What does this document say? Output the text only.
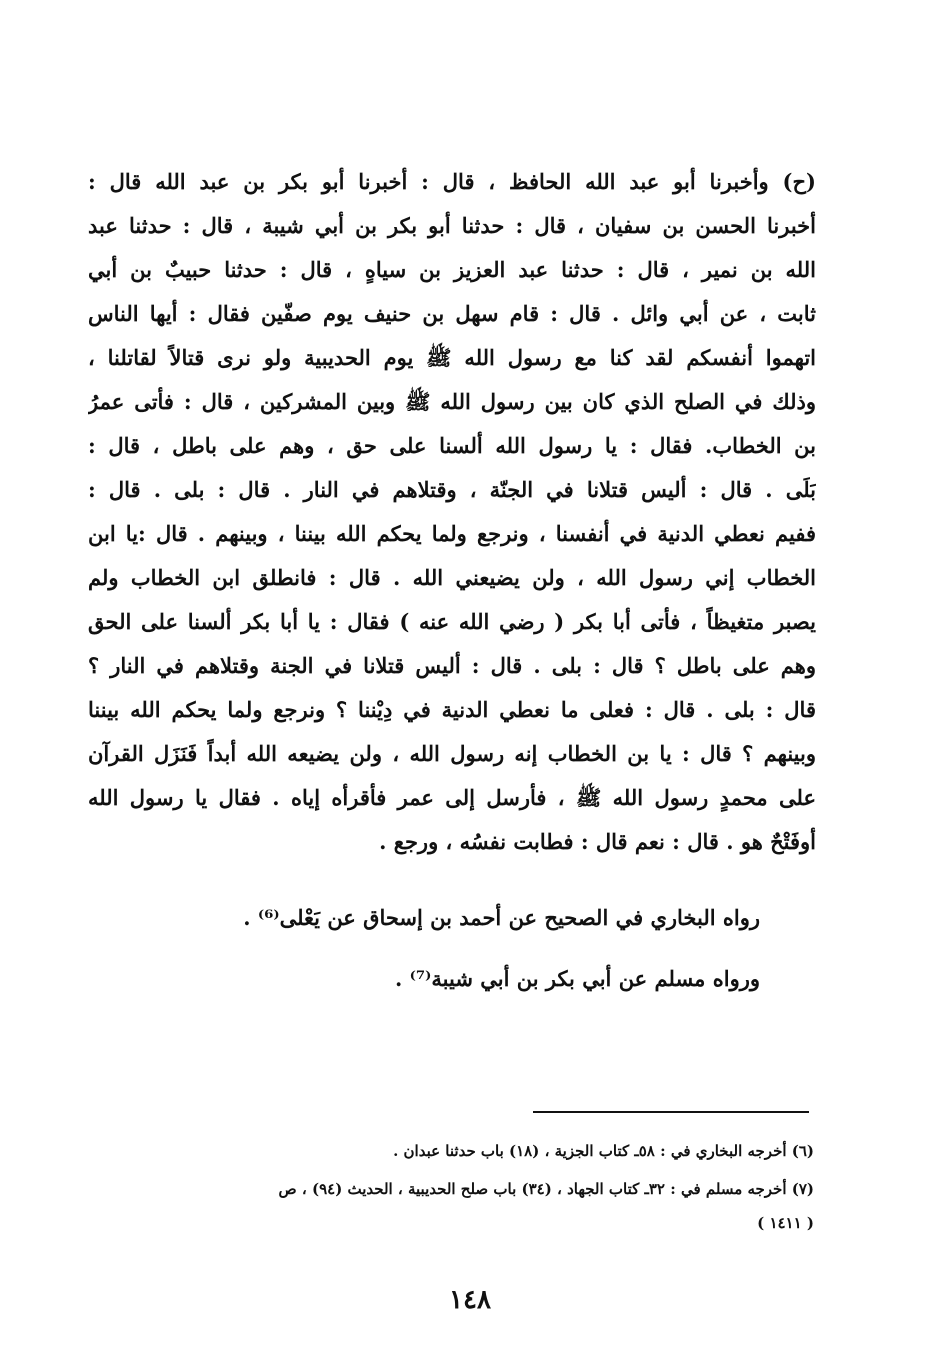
(ح) وأخبرنا أبو عبد الله الحافظ ، قال : أخبرنا أبو بكر بن عبد الله قال :
أخبرنا الحسن بن سفيان ، قال : حدثنا أبو بكر بن أبي شيبة ، قال : حدثنا عبد
الله بن نمير ، قال : حدثنا عبد العزيز بن سياهٍ ، قال : حدثنا حبيبٌ بن أبي
ثابت ، عن أبي وائل . قال : قام سهل بن حنيف يوم صفّين فقال : أيها الناس
اتهموا أنفسكم لقد كنا مع رسول الله ﷺ يوم الحديبية ولو نرى قتالاً لقاتلنا ،
وذلك في الصلح الذي كان بين رسول الله ﷺ وبين المشركين ، قال : فأتى عمرُ
بن الخطاب. فقال : يا رسول الله ألسنا على حق ، وهم على باطل ، قال :
بَلَى . قال : أليس قتلانا في الجنّة ، وقتلاهم في النار . قال : بلى . قال :
ففيم نعطي الدنية في أنفسنا ، ونرجع ولما يحكم الله بيننا ، وبينهم . قال :يا ابن
الخطاب إني رسول الله ، ولن يضيعني الله . قال : فانطلق ابن الخطاب ولم
يصبر متغيظاً ، فأتى أبا بكر ( رضي الله عنه ) فقال : يا أبا بكر ألسنا على الحق
وهم على باطل ؟ قال : بلى . قال : أليس قتلانا في الجنة وقتلاهم في النار ؟
قال : بلى . قال : فعلى ما نعطي الدنية في دِيْننا ؟ ونرجع ولما يحكم الله بيننا
وبينهم ؟ قال : يا بن الخطاب إنه رسول الله ، ولن يضيعه الله أبداً فَنَزَل القرآن
على محمدٍ رسول الله ﷺ ، فأرسل إلى عمر فأقرأه إياه . فقال يا رسول الله
أوفَتْحٌ هو . قال : نعم قال : فطابت نفسُه ، ورجع .
رواه البخاري في الصحيح عن أحمد بن إسحاق عن يَعْلى⁽⁶⁾ .
ورواه مسلم عن أبي بكر بن أبي شيبة⁽⁷⁾ .
(٦) أخرجه البخاري في : ٥٨ـ كتاب الجزية ، (١٨) باب حدثنا عبدان .
(٧) أخرجه مسلم في : ٣٢ـ كتاب الجهاد ، (٣٤) باب صلح الحديبية ، الحديث (٩٤) ، ص
( ١٤١١ )
١٤٨
